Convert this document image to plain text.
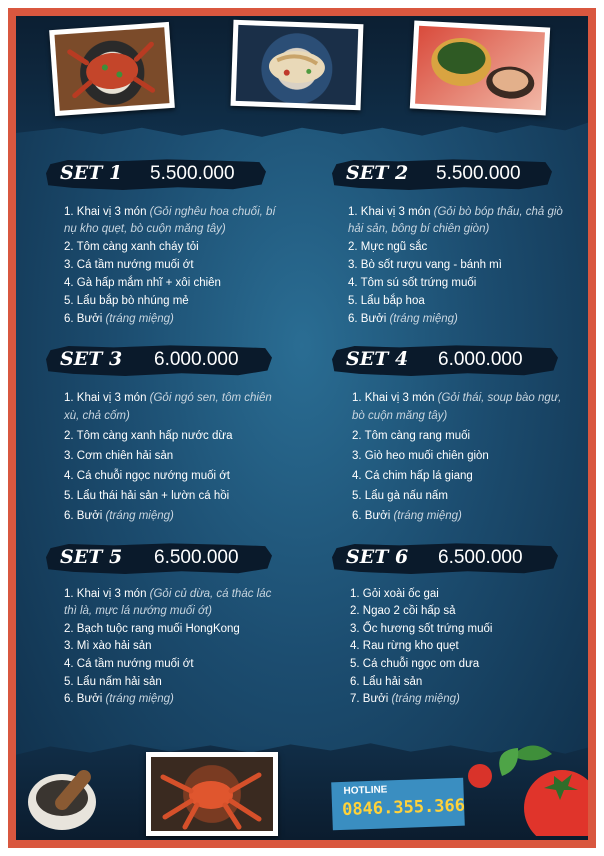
SET 1 5.500.000
1. Khai vị 3 món (Gỏi nghêu hoa chuối, bí
nụ kho quẹt, bò cuộn măng tây)
2. Tôm càng xanh cháy tỏi
3. Cá tầm nướng muối ớt
4. Gà hấp mắm nhĩ + xôi chiên
5. Lẩu bắp bò nhúng mẻ
6. Bưởi (tráng miệng)
SET 2 5.500.000
1. Khai vị 3 món (Gỏi bò bóp thấu, chả giò
hải sản, bông bí chiên giòn)
2. Mực ngũ sắc
3. Bò sốt rượu vang - bánh mì
4. Tôm sú sốt trứng muối
5. Lẩu bắp hoa
6. Bưởi (tráng miệng)
SET 3 6.000.000
1. Khai vị 3 món (Gỏi ngó sen, tôm chiên
xù, chả cốm)
2. Tôm càng xanh hấp nước dừa
3. Cơm chiên hải sản
4. Cá chuỗi ngọc nướng muối ớt
5. Lẩu thái hải sản + lườn cá hồi
6. Bưởi (tráng miệng)
SET 4 6.000.000
1. Khai vị 3 món (Gỏi thái, soup bào ngư,
bò cuộn măng tây)
2. Tôm càng rang muối
3. Giò heo muối chiên giòn
4. Cá chim hấp lá giang
5. Lẩu gà nấu nấm
6. Bưởi (tráng miệng)
SET 5 6.500.000
1. Khai vị 3 món (Gỏi củ dừa, cá thác lác
thì là, mực lá nướng muối ớt)
2. Bạch tuộc rang muối HongKong
3. Mì xào hải sản
4. Cá tầm nướng muối ớt
5. Lẩu nấm hải sản
6. Bưởi (tráng miệng)
SET 6 6.500.000
1. Gỏi xoài ốc gai
2. Ngao 2 cồi hấp sả
3. Ốc hương sốt trứng muối
4. Rau rừng kho quẹt
5. Cá chuỗi ngọc om dưa
6. Lẩu hải sản
7. Bưởi (tráng miệng)
HOTLINE
0846.355.366
